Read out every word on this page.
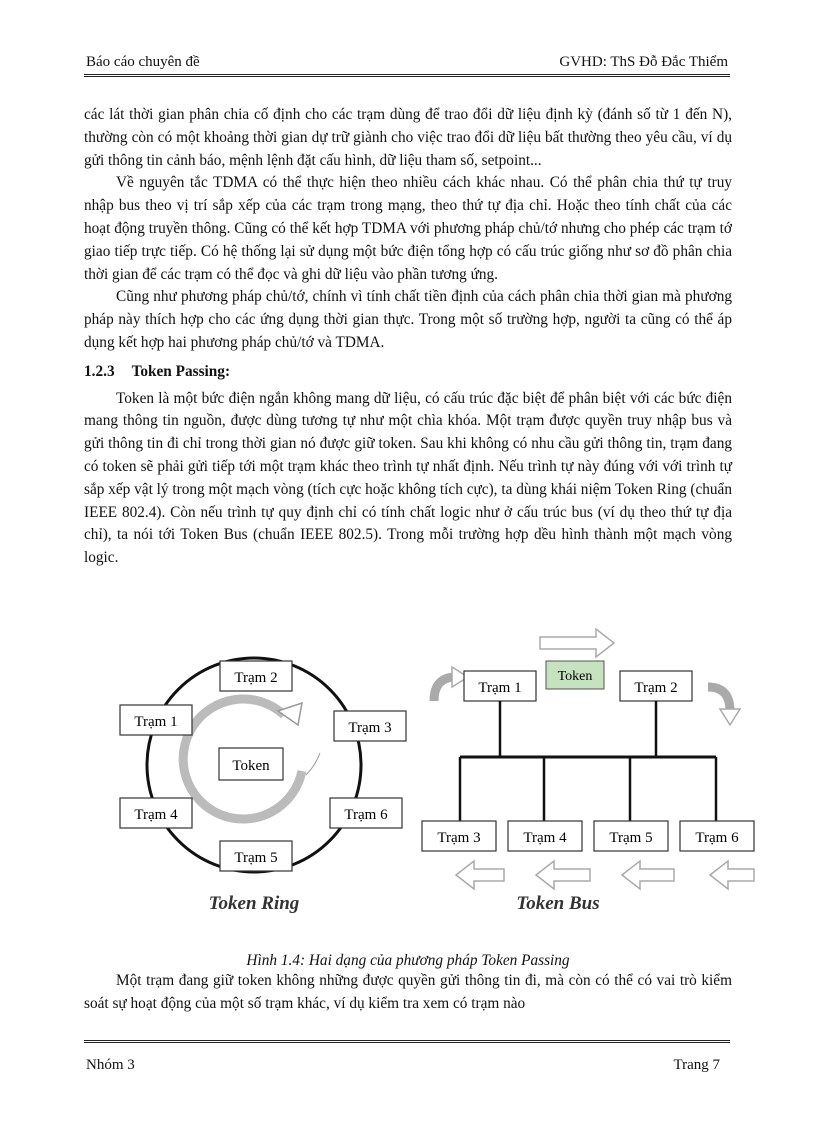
Báo cáo chuyên đề	GVHD: ThS Đỗ Đắc Thiểm

các lát thời gian phân chia cố định cho các trạm dùng để trao đổi dữ liệu định kỳ (đánh số từ 1 đến N), thường còn có một khoảng thời gian dự trữ giành cho việc trao đổi dữ liệu bất thường theo yêu cầu, ví dụ gửi thông tin cảnh báo, mệnh lệnh đặt cấu hình, dữ liệu tham số, setpoint...

Về nguyên tắc TDMA có thể thực hiện theo nhiều cách khác nhau. Có thể phân chia thứ tự truy nhập bus theo vị trí sắp xếp của các trạm trong mạng, theo thứ tự địa chỉ. Hoặc theo tính chất của các hoạt động truyền thông. Cũng có thể kết hợp TDMA với phương pháp chủ/tớ nhưng cho phép các trạm tớ giao tiếp trực tiếp. Có hệ thống lại sử dụng một bức điện tổng hợp có cấu trúc giống như sơ đồ phân chia thời gian để các trạm có thể đọc và ghi dữ liệu vào phần tương ứng.

Cũng như phương pháp chủ/tớ, chính vì tính chất tiền định của cách phân chia thời gian mà phương pháp này thích hợp cho các ứng dụng thời gian thực. Trong một số trường hợp, người ta cũng có thể áp dụng kết hợp hai phương pháp chủ/tớ và TDMA.

1.2.3 Token Passing:

Token là một bức điện ngắn không mang dữ liệu, có cấu trúc đặc biệt để phân biệt với các bức điện mang thông tin nguồn, được dùng tương tự như một chìa khóa. Một trạm được quyền truy nhập bus và gửi thông tin đi chỉ trong thời gian nó được giữ token. Sau khi không có nhu cầu gửi thông tin, trạm đang có token sẽ phải gửi tiếp tới một trạm khác theo trình tự nhất định. Nếu trình tự này đúng với với trình tự sắp xếp vật lý trong một mạch vòng (tích cực hoặc không tích cực), ta dùng khái niệm Token Ring (chuẩn IEEE 802.4). Còn nếu trình tự quy định chỉ có tính chất logic như ở cấu trúc bus (ví dụ theo thứ tự địa chỉ), ta nói tới Token Bus (chuẩn IEEE 802.5). Trong mỗi trường hợp dều hình thành một mạch vòng logic.

Token
Trạm 1
Trạm 2
Trạm 3
Trạm 4
Trạm 5
Trạm 6
Token Ring
Token
Trạm 1	Trạm 2
Trạm 3	Trạm 4	Trạm 5	Trạm 6
Token Bus
Hình 1.4: Hai dạng của phương pháp Token Passing

Một trạm đang giữ token không những được quyền gửi thông tin đi, mà còn có thể có vai trò kiểm soát sự hoạt động của một số trạm khác, ví dụ kiểm tra xem có trạm nào

Nhóm 3	Trang 7
